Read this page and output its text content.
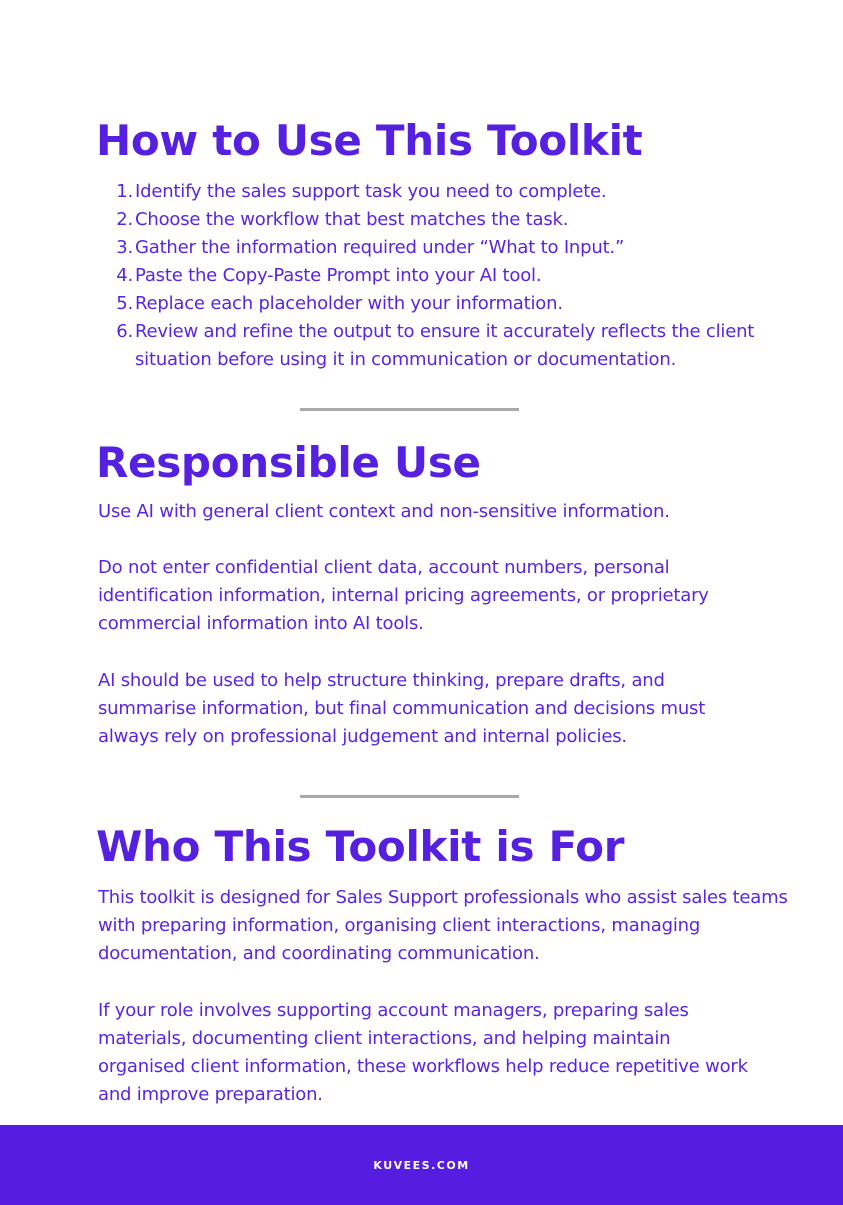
How to Use This Toolkit
1. Identify the sales support task you need to complete.
2. Choose the workflow that best matches the task.
3. Gather the information required under “What to Input.”
4. Paste the Copy-Paste Prompt into your AI tool.
5. Replace each placeholder with your information.
6. Review and refine the output to ensure it accurately reflects the client situation before using it in communication or documentation.
Responsible Use

Use AI with general client context and non-sensitive information.

Do not enter confidential client data, account numbers, personal identification information, internal pricing agreements, or proprietary commercial information into AI tools.

AI should be used to help structure thinking, prepare drafts, and summarise information, but final communication and decisions must always rely on professional judgement and internal policies.

Who This Toolkit is For

This toolkit is designed for Sales Support professionals who assist sales teams with preparing information, organising client interactions, managing documentation, and coordinating communication.

If your role involves supporting account managers, preparing sales materials, documenting client interactions, and helping maintain organised client information, these workflows help reduce repetitive work and improve preparation.

KUVEES.COM
